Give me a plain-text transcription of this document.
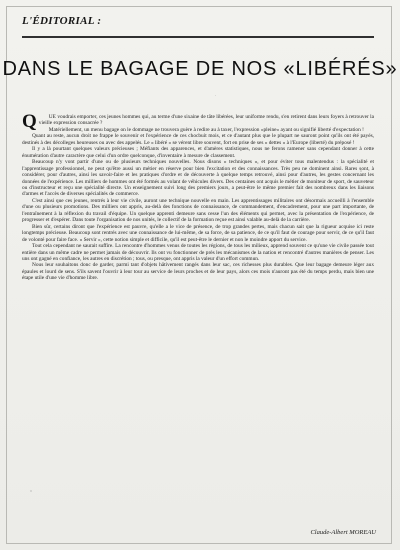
L'ÉDITORIAL :
DANS LE BAGAGE DE NOS «LIBÉRÉS»

Q UE voudrais emporter, ces jeunes hommes qui, au terme d'une sixaine de tâte libérées, leur uniforme rendu, s'en retirent dans leurs foyers à retrouver la vieille expression consacrée ?

Matériellement, un menu bagage on le dommage ne trouvera guère à redire au à taxer, l'expression «pleine» ayant ou signifié liberté d'expectation !

Quant au reste, aucun droit ne frappe le souvenir et l'expérience de ces chocbuit mois, et ce d'autant plus que le plupart ne sauront point qu'ils ont été payés, destinés à des décolleges heureuses ou avec des appelés. Le « libéré » se vérent libre souvent, fort en prise de ses « dettes » à l'Europe (liberté) du préposé !

Il y a là pourtant quelques valeurs précieuses ; Méfiants des apparences, et d'amères statistiques, nous ne ferons ramener sans cependant donner à cette énumération d'autre caractère que celui d'un ordre quelconque, d'inventaire à mesure de classement.

Beaucoup n'y vont partir d'une ou de plusieurs techniques nouvelles. Nous disons « techniques », et pour éviter tous malentendus : la spécialité et l'apprentissage professionnel, ne peut qu'être aussi un métier en réserve pour bien l'excitation et des connaissances. Très peu ne dominent ainsi. Rares sont, à considérer, pour d'autres, ainsi les savoir-faire et les pratiques d'ordre et de découverte à quelque temps retrouvé, ainsi pour d'autres, les gestes concernant les données de l'expérience. Les milliers de hommes ont été formés au volant de véhicules divers. Des centaines ont acquis le métier de moniteur de sport, de sauveteur ou d'instructeur et reçu une spécialité directe. Un enseignement suivi long des premiers jours, a peut-être le même premier fait des nombreux dans les liaisons d'armes et l'accès de diverses spécialités de commerce.

C'est ainsi que ces jeunes, rentrés à leur vie civile, auront une technique nouvelle en main. Les apprentissages militaires ont désormais accueilli à l'ensemble d'une ou plusieurs promotions. Des milliers ont appris, au-delà des fonctions de connaissance, de commandement, d'encadrement, pour une part importante, de l'entraînement à la réflexion du travail d'équipe. Un quelque apprenti demeure sans cesse l'un des éléments qui permet, avec la présentation de l'expérience, de progresser et d'espérer. Dans toute l'organisation de nos unités, le collectif de la formation reçue est ainsi valable au-delà de la carrière.

Bien sûr, certains diront que l'expérience est pauvre, qu'elle a le vice de présence, de trop grandes pertes, mais chacun sait que la rigueur acquise ici reste longtemps précieuse. Beaucoup sont rentrés avec une connaissance de lui-même, de sa force, de sa patience, de ce qu'il faut de courage pour servir, de ce qu'il faut de volonté pour faire face. « Servir », cette notion simple et difficile, qu'il est peut-être le dernier et non le moindre apport du service.

Tout cela cependant ne saurait suffire. La rencontre d'hommes venus de toutes les régions, de tous les milieux, apprend souvent ce qu'une vie civile passée tout entière dans un même cadre ne permet jamais de découvrir. Ils ont vu fonctionner de près les mécanismes de la nation et rencontré d'autres manières de penser. Les uns ont gagné en confiance, les autres en discrétion ; tous, ou presque, ont appris la valeur d'un effort commun.

Nous leur souhaitons donc de garder, parmi tant d'objets hâtivement rangés dans leur sac, ces richesses plus durables. Que leur bagage demeure léger aux épaules et lourd de sens. S'ils savent l'ouvrir à leur tour au service de leurs proches et de leur pays, alors ces mois n'auront pas été du temps perdu, mais bien une étape utile d'une vie d'homme libre.

Claude-Albert MOREAU
